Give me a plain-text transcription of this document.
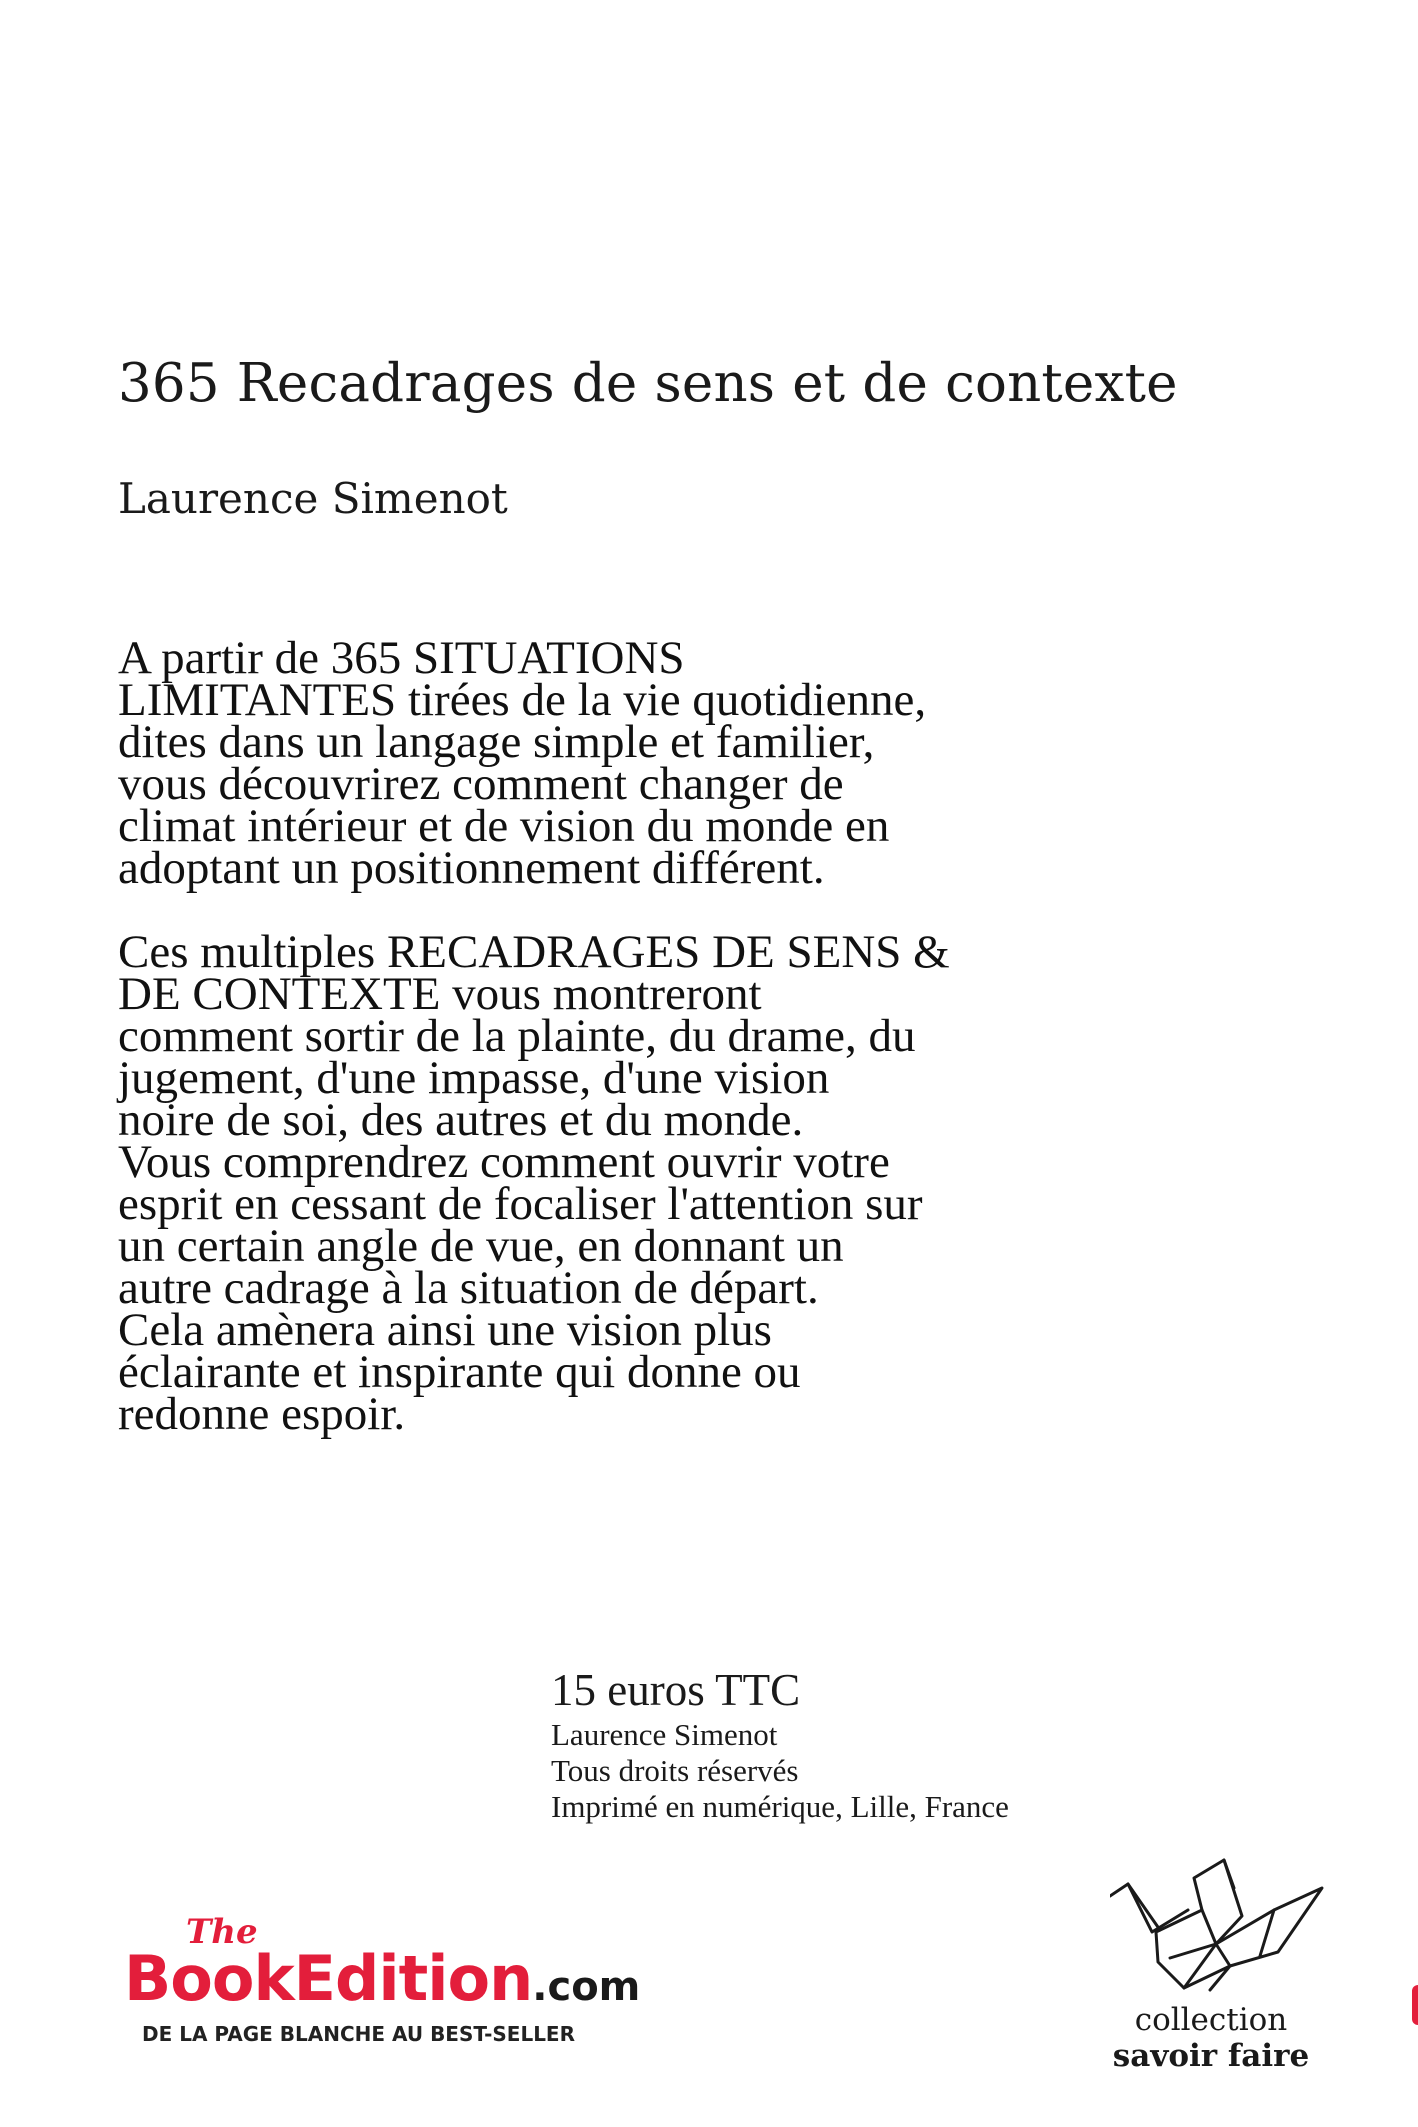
365 Recadrages de sens et de contexte
Laurence Simenot

A partir de 365 SITUATIONS
LIMITANTES tirées de la vie quotidienne,
dites dans un langage simple et familier,
vous découvrirez comment changer de
climat intérieur et de vision du monde en
adoptant un positionnement différent.

Ces multiples RECADRAGES DE SENS &
DE CONTEXTE vous montreront
comment sortir de la plainte, du drame, du
jugement, d'une impasse, d'une vision
noire de soi, des autres et du monde.
Vous comprendrez comment ouvrir votre
esprit en cessant de focaliser l'attention sur
un certain angle de vue, en donnant un
autre cadrage à la situation de départ.
Cela amènera ainsi une vision plus
éclairante et inspirante qui donne ou
redonne espoir.

15 euros TTC
Laurence Simenot
Tous droits réservés
Imprimé en numérique, Lille, France
The
BookEdition.com
DE LA PAGE BLANCHE AU BEST-SELLER	collection
savoir faire
